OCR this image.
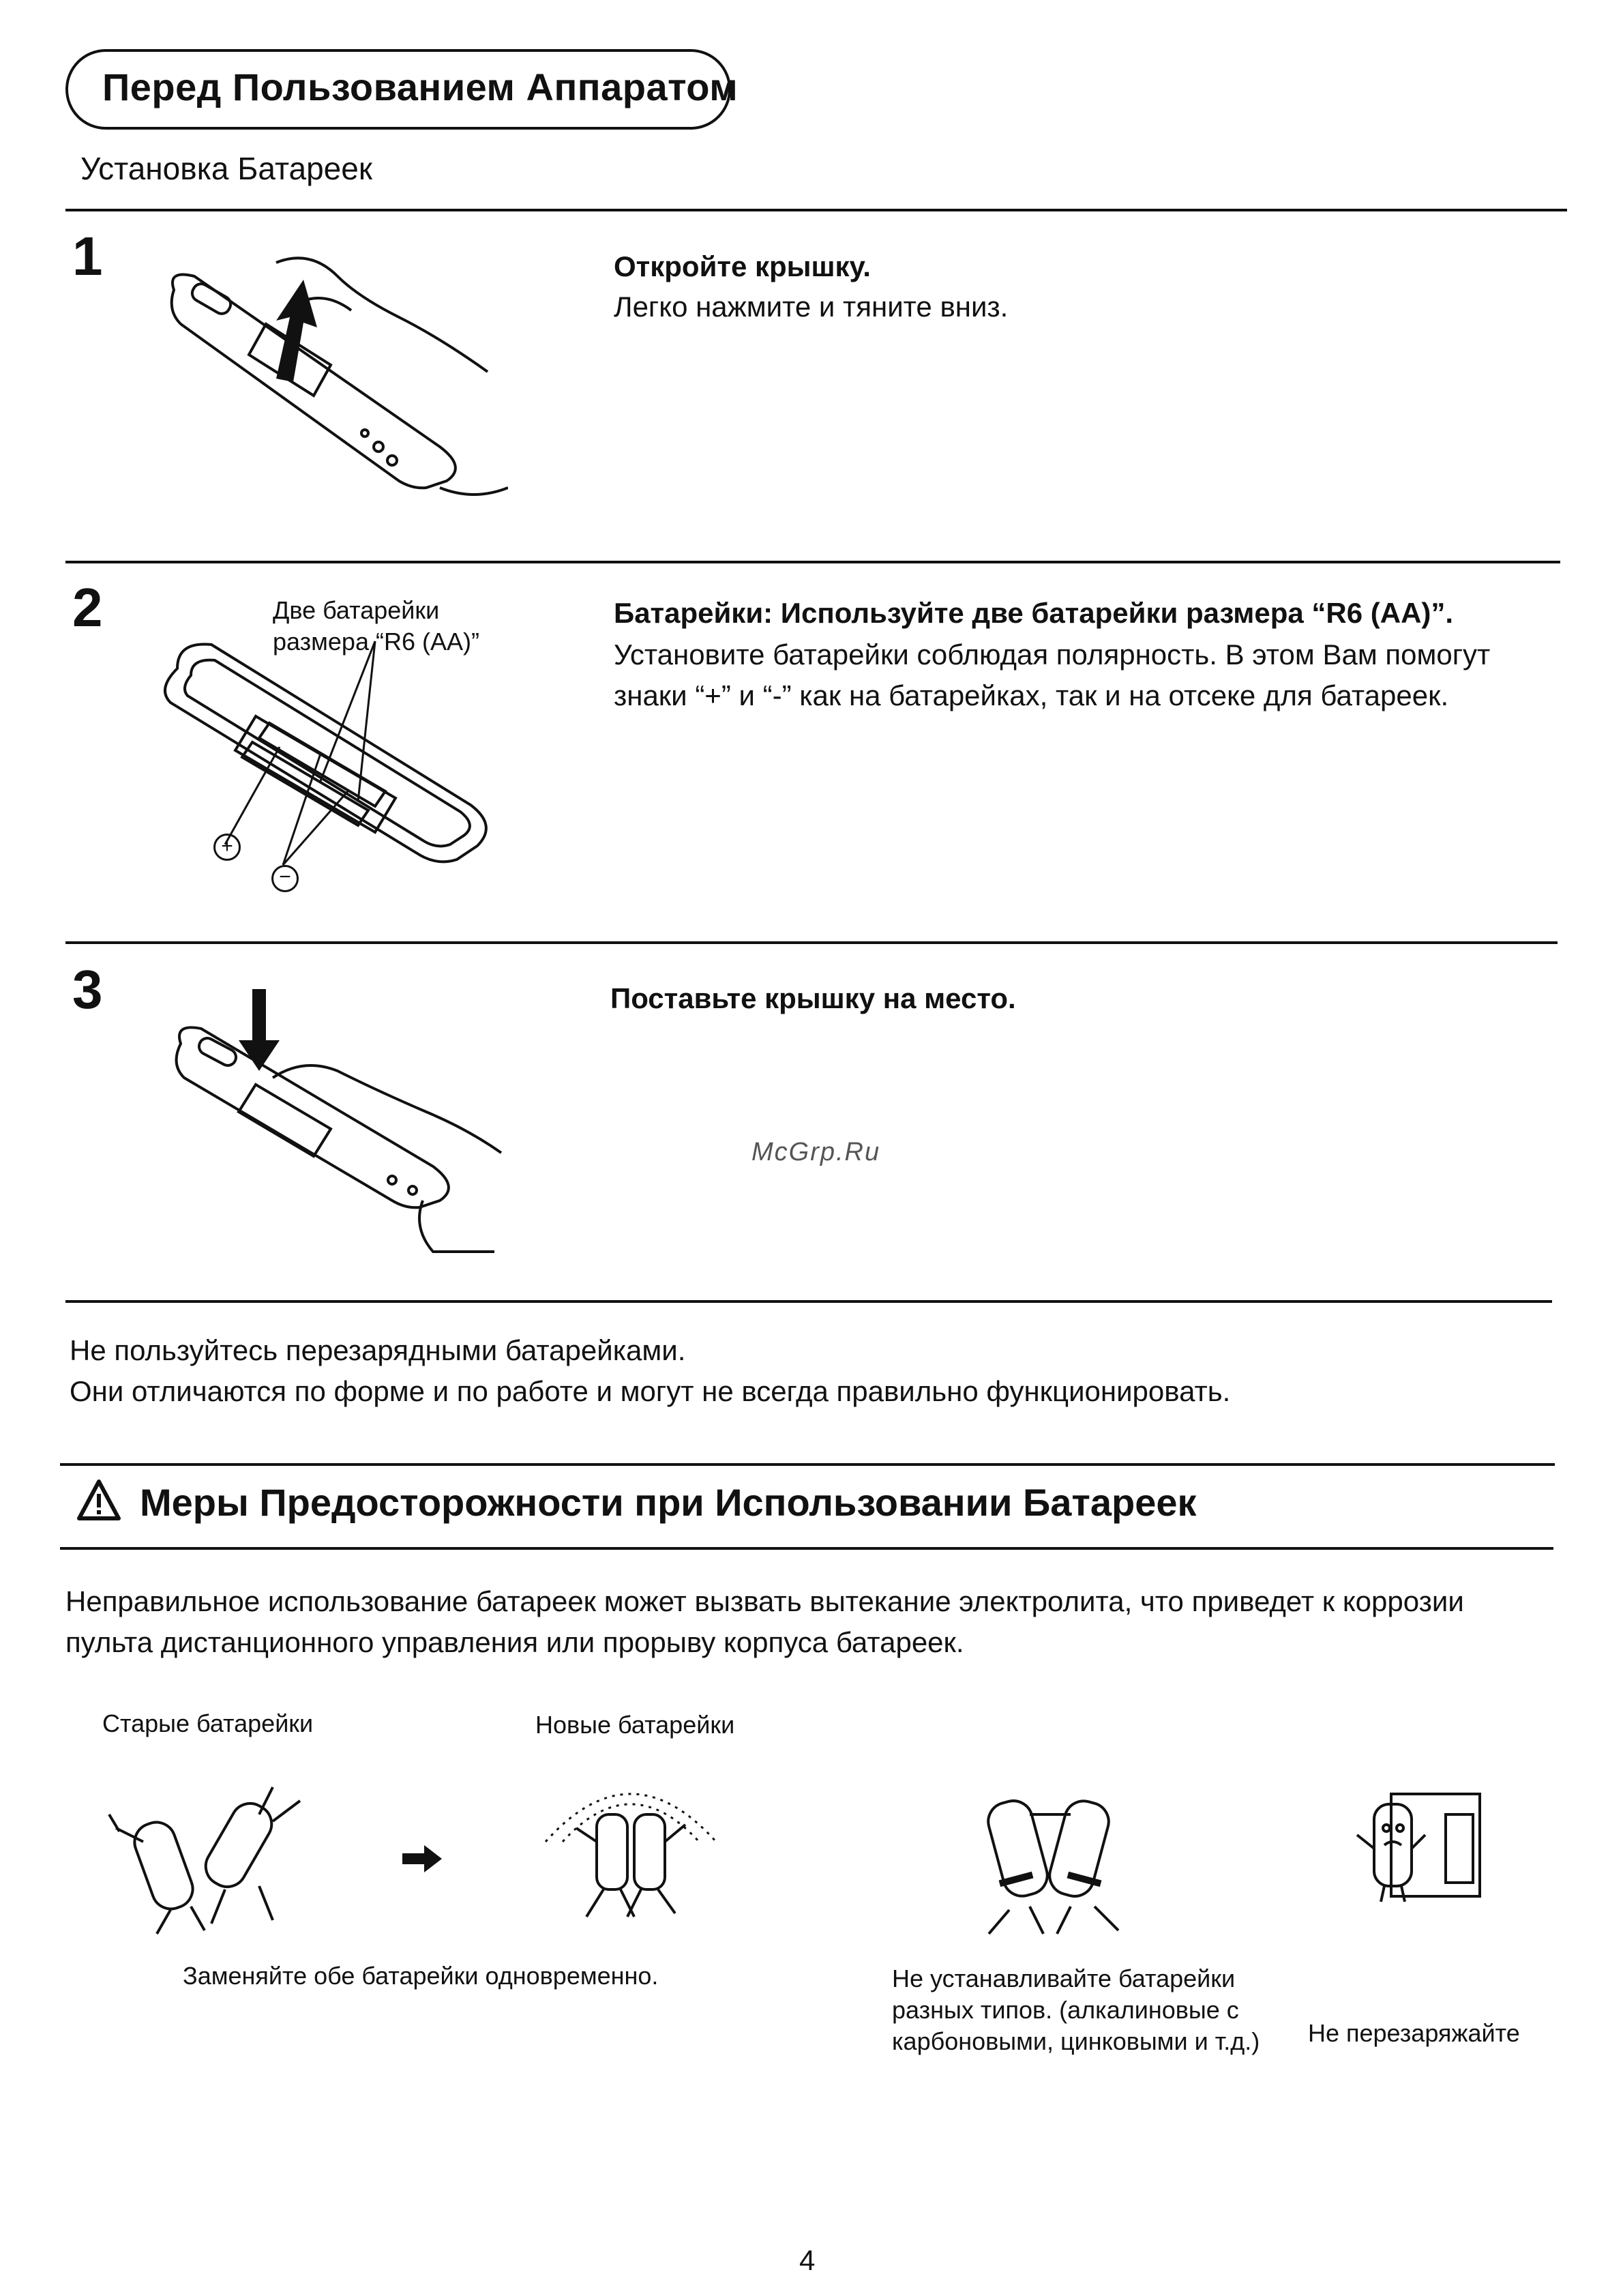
Перед Пользованием Аппаратом
Установка Батареек
1	Откройте крышку.
Легко нажмите и тяните вниз.
2	Две батарейки
размера “R6 (AA)”
+
−
Батарейки: Используйте две батарейки размера “R6 (AA)”.
Установите батарейки соблюдая полярность. В этом Вам помогут
знаки “+” и “-” как на батарейках, так и на отсеке для батареек.
3	Поставьте крышку на место.
McGrp.Ru
Не пользуйтесь перезарядными батарейками.
Они отличаются по форме и по работе и могут не всегда правильно функционировать.
Меры Предосторожности при Использовании Батареек
Неправильное использование батареек может вызвать вытекание электролита, что приведет к коррозии
пульта дистанционного управления или прорыву корпуса батареек.
Старые батарейки	Новые батарейки
Заменяйте обе батарейки одновременно.	Не устанавливайте батарейки
разных типов. (алкалиновые с
карбоновыми, цинковыми и т.д.) Не перезаряжайте
4
